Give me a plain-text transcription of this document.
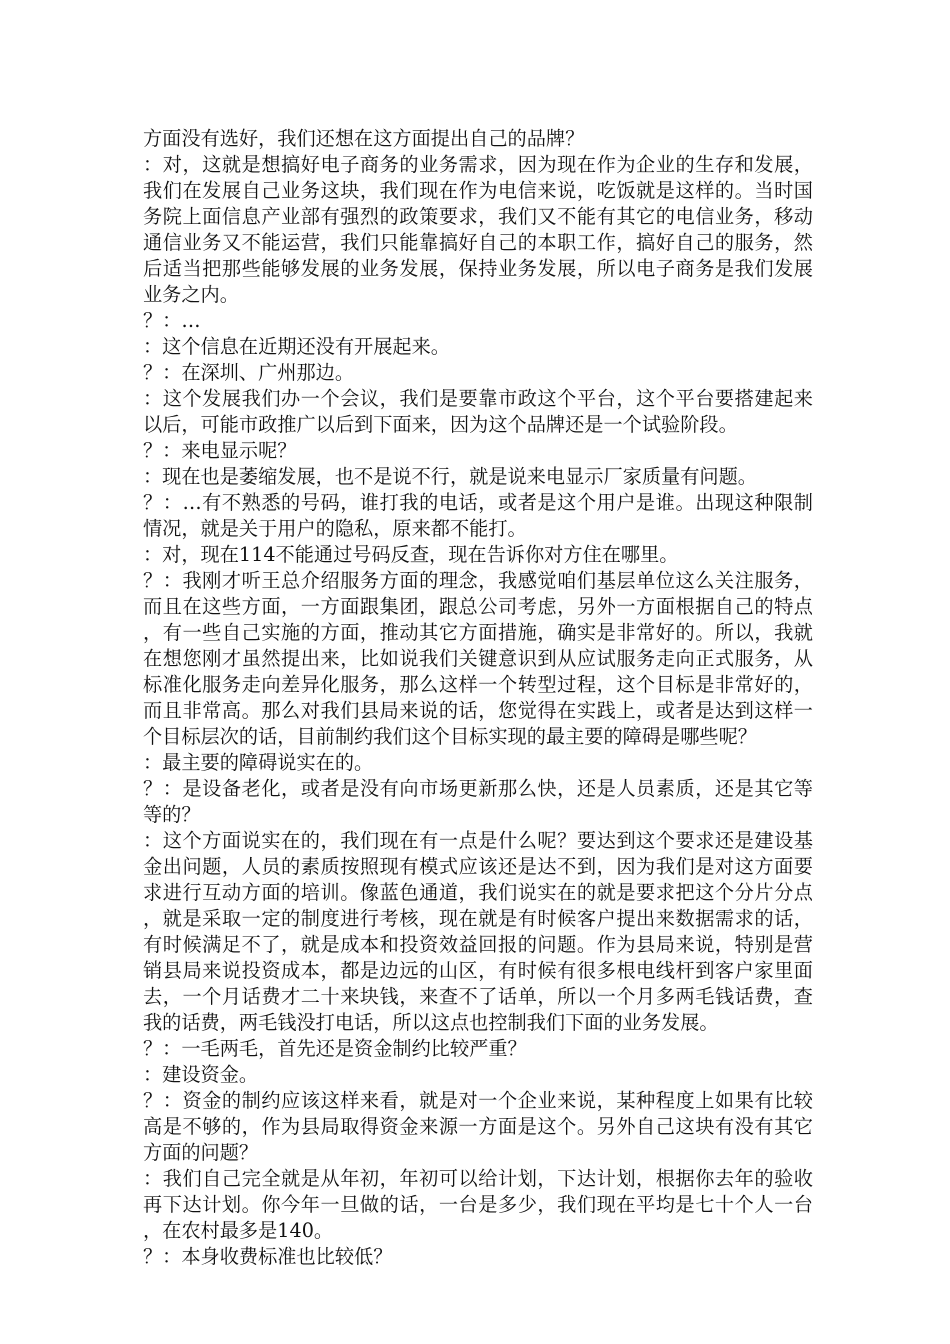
方面没有选好，我们还想在这方面提出自己的品牌？

：对，这就是想搞好电子商务的业务需求，因为现在作为企业的生存和发展，我们在发展自己业务这块，我们现在作为电信来说，吃饭就是这样的。当时国务院上面信息产业部有强烈的政策要求，我们又不能有其它的电信业务，移动通信业务又不能运营，我们只能靠搞好自己的本职工作，搞好自己的服务，然后适当把那些能够发展的业务发展，保持业务发展，所以电子商务是我们发展业务之内。

？：…

：这个信息在近期还没有开展起来。

？：在深圳、广州那边。

：这个发展我们办一个会议，我们是要靠市政这个平台，这个平台要搭建起来以后，可能市政推广以后到下面来，因为这个品牌还是一个试验阶段。

？：来电显示呢？

：现在也是萎缩发展，也不是说不行，就是说来电显示厂家质量有问题。

？：…有不熟悉的号码，谁打我的电话，或者是这个用户是谁。出现这种限制情况，就是关于用户的隐私，原来都不能打。

：对，现在114不能通过号码反查，现在告诉你对方住在哪里。

？：我刚才听王总介绍服务方面的理念，我感觉咱们基层单位这么关注服务，而且在这些方面，一方面跟集团，跟总公司考虑，另外一方面根据自己的特点，有一些自己实施的方面，推动其它方面措施，确实是非常好的。所以，我就在想您刚才虽然提出来，比如说我们关键意识到从应试服务走向正式服务，从标准化服务走向差异化服务，那么这样一个转型过程，这个目标是非常好的，而且非常高。那么对我们县局来说的话，您觉得在实践上，或者是达到这样一个目标层次的话，目前制约我们这个目标实现的最主要的障碍是哪些呢？

：最主要的障碍说实在的。

？：是设备老化，或者是没有向市场更新那么快，还是人员素质，还是其它等等的？

：这个方面说实在的，我们现在有一点是什么呢？要达到这个要求还是建设基金出问题，人员的素质按照现有模式应该还是达不到，因为我们是对这方面要求进行互动方面的培训。像蓝色通道，我们说实在的就是要求把这个分片分点，就是采取一定的制度进行考核，现在就是有时候客户提出来数据需求的话，有时候满足不了，就是成本和投资效益回报的问题。作为县局来说，特别是营销县局来说投资成本，都是边远的山区，有时候有很多根电线杆到客户家里面去，一个月话费才二十来块钱，来查不了话单，所以一个月多两毛钱话费，查我的话费，两毛钱没打电话，所以这点也控制我们下面的业务发展。

？：一毛两毛，首先还是资金制约比较严重？

：建设资金。

？：资金的制约应该这样来看，就是对一个企业来说，某种程度上如果有比较高是不够的，作为县局取得资金来源一方面是这个。另外自己这块有没有其它方面的问题？

：我们自己完全就是从年初，年初可以给计划，下达计划，根据你去年的验收再下达计划。你今年一旦做的话，一台是多少，我们现在平均是七十个人一台，在农村最多是140。

？：本身收费标准也比较低？
